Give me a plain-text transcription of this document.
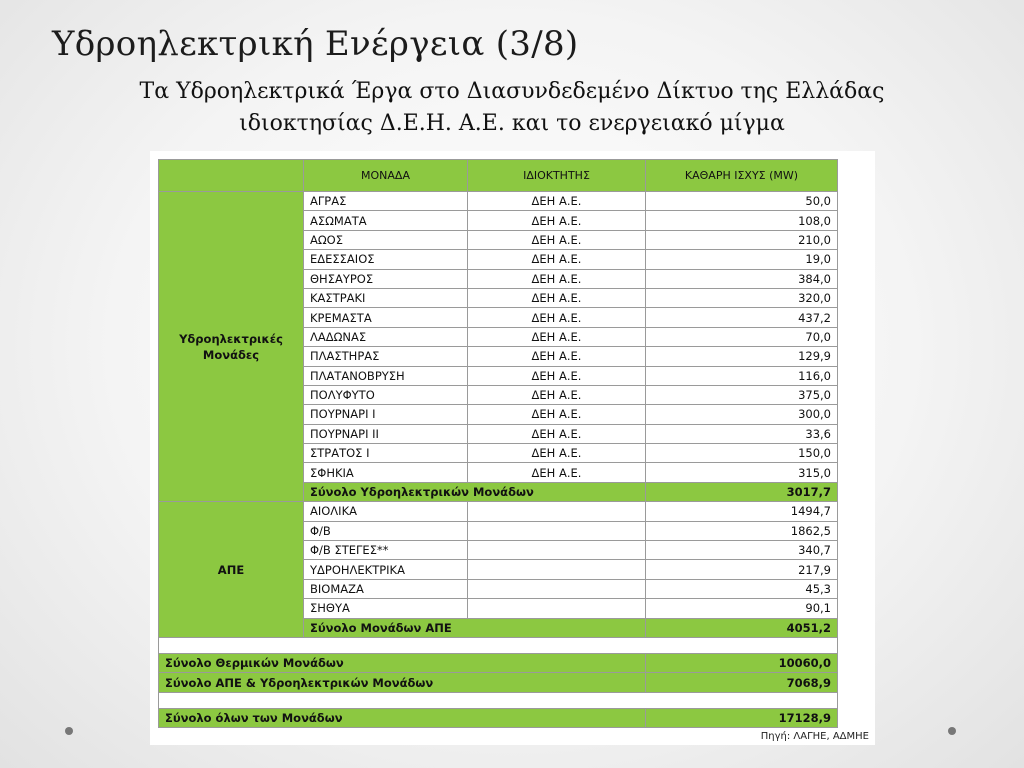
Υδροηλεκτρική Ενέργεια (3/8)
Τα Υδροηλεκτρικά Έργα στο Διασυνδεδεμένο Δίκτυο της Ελλάδας
ιδιοκτησίας Δ.Ε.Η. Α.Ε. και το ενεργειακό μίγμα
	ΜΟΝΑΔΑ	ΙΔΙΟΚΤΗΤΗΣ	ΚΑΘΑΡΗ ΙΣΧΥΣ (MW)
Υδροηλεκτρικές Μονάδες	ΑΓΡΑΣ	ΔΕΗ Α.Ε.	50,0
	ΑΣΩΜΑΤΑ	ΔΕΗ Α.Ε.	108,0
	ΑΩΟΣ	ΔΕΗ Α.Ε.	210,0
	ΕΔΕΣΣΑΙΟΣ	ΔΕΗ Α.Ε.	19,0
	ΘΗΣΑΥΡΟΣ	ΔΕΗ Α.Ε.	384,0
	ΚΑΣΤΡΑΚΙ	ΔΕΗ Α.Ε.	320,0
	ΚΡΕΜΑΣΤΑ	ΔΕΗ Α.Ε.	437,2
	ΛΑΔΩΝΑΣ	ΔΕΗ Α.Ε.	70,0
	ΠΛΑΣΤΗΡΑΣ	ΔΕΗ Α.Ε.	129,9
	ΠΛΑΤΑΝΟΒΡΥΣΗ	ΔΕΗ Α.Ε.	116,0
	ΠΟΛΥΦΥΤΟ	ΔΕΗ Α.Ε.	375,0
	ΠΟΥΡΝΑΡΙ Ι	ΔΕΗ Α.Ε.	300,0
	ΠΟΥΡΝΑΡΙ ΙΙ	ΔΕΗ Α.Ε.	33,6
	ΣΤΡΑΤΟΣ Ι	ΔΕΗ Α.Ε.	150,0
	ΣΦΗΚΙΑ	ΔΕΗ Α.Ε.	315,0
	Σύνολο Υδροηλεκτρικών Μονάδων		3017,7
ΑΠΕ	ΑΙΟΛΙΚΑ		1494,7
	Φ/Β		1862,5
	Φ/Β ΣΤΕΓΕΣ**		340,7
	ΥΔΡΟΗΛΕΚΤΡΙΚΑ		217,9
	ΒΙΟΜΑΖΑ		45,3
	ΣΗΘΥΑ		90,1
	Σύνολο Μονάδων ΑΠΕ		4051,2

Σύνολο Θερμικών Μονάδων			10060,0
Σύνολο ΑΠΕ & Υδροηλεκτρικών Μονάδων			7068,9

Σύνολο όλων των Μονάδων			17128,9
Πηγή: ΛΑΓΗΕ, ΑΔΜΗΕ
